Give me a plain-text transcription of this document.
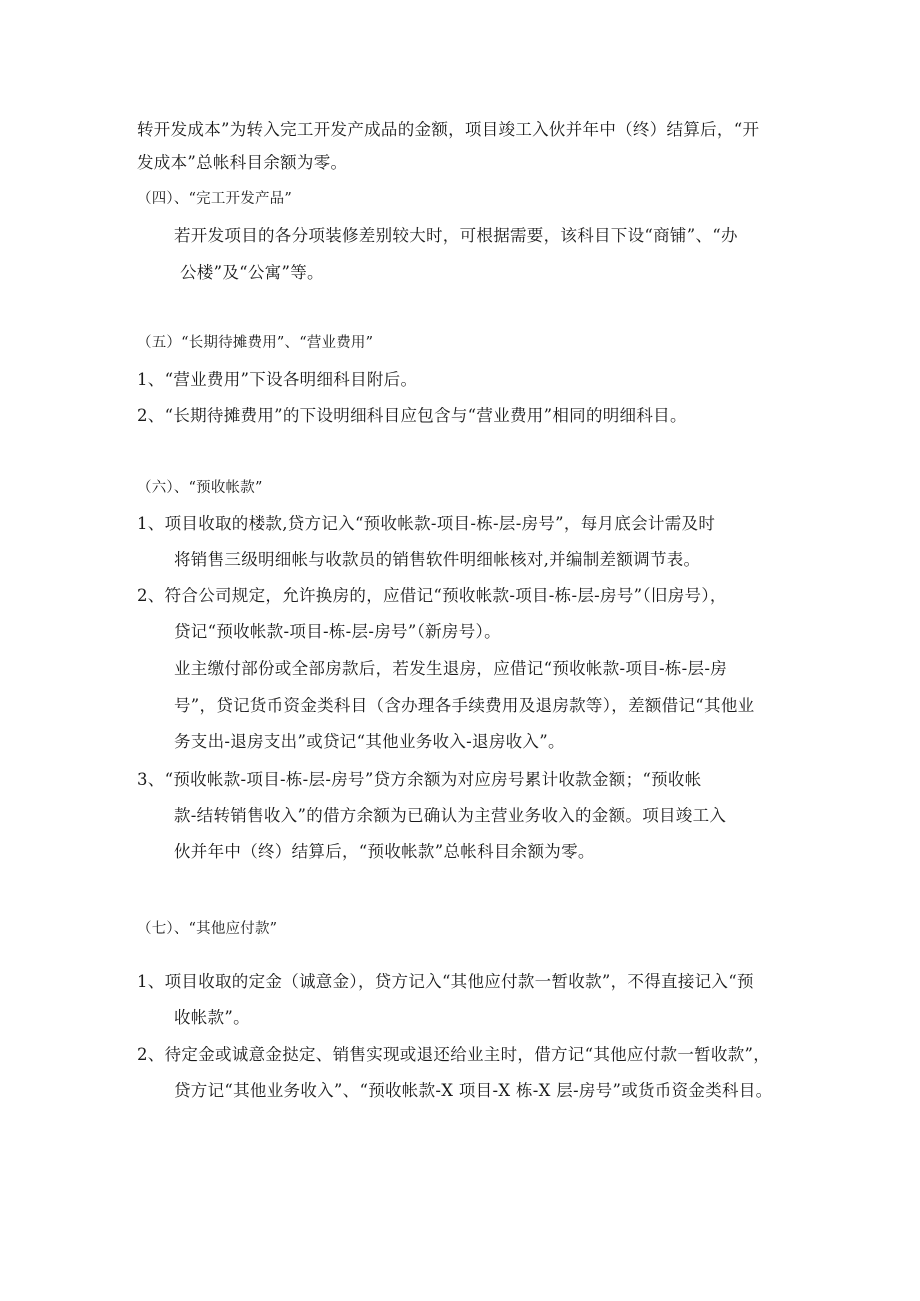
转开发成本”为转入完工开发产成品的金额，项目竣工入伙并年中（终）结算后，“开
发成本”总帐科目余额为零。
（四）、“完工开发产品”
若开发项目的各分项装修差别较大时，可根据需要，该科目下设“商铺”、“办
公楼”及“公寓”等。
（五）“长期待摊费用”、“营业费用”
1、“营业费用”下设各明细科目附后。
2、“长期待摊费用”的下设明细科目应包含与“营业费用”相同的明细科目。
（六）、“预收帐款”
1、项目收取的楼款,贷方记入“预收帐款-项目-栋-层-房号”，每月底会计需及时
将销售三级明细帐与收款员的销售软件明细帐核对,并编制差额调节表。
2、符合公司规定，允许换房的，应借记“预收帐款-项目-栋-层-房号”（旧房号），
贷记“预收帐款-项目-栋-层-房号”（新房号）。
业主缴付部份或全部房款后，若发生退房，应借记“预收帐款-项目-栋-层-房
号”，贷记货币资金类科目（含办理各手续费用及退房款等），差额借记“其他业
务支出-退房支出”或贷记“其他业务收入-退房收入”。
3、“预收帐款-项目-栋-层-房号”贷方余额为对应房号累计收款金额；“预收帐
款-结转销售收入”的借方余额为已确认为主营业务收入的金额。项目竣工入
伙并年中（终）结算后，“预收帐款”总帐科目余额为零。
（七）、“其他应付款”
1、项目收取的定金（诚意金），贷方记入“其他应付款一暂收款”，不得直接记入“预
收帐款”。
2、待定金或诚意金挞定、销售实现或退还给业主时，借方记“其他应付款一暂收款”，
贷方记“其他业务收入”、“预收帐款-X 项目-X 栋-X 层-房号”或货币资金类科目。
